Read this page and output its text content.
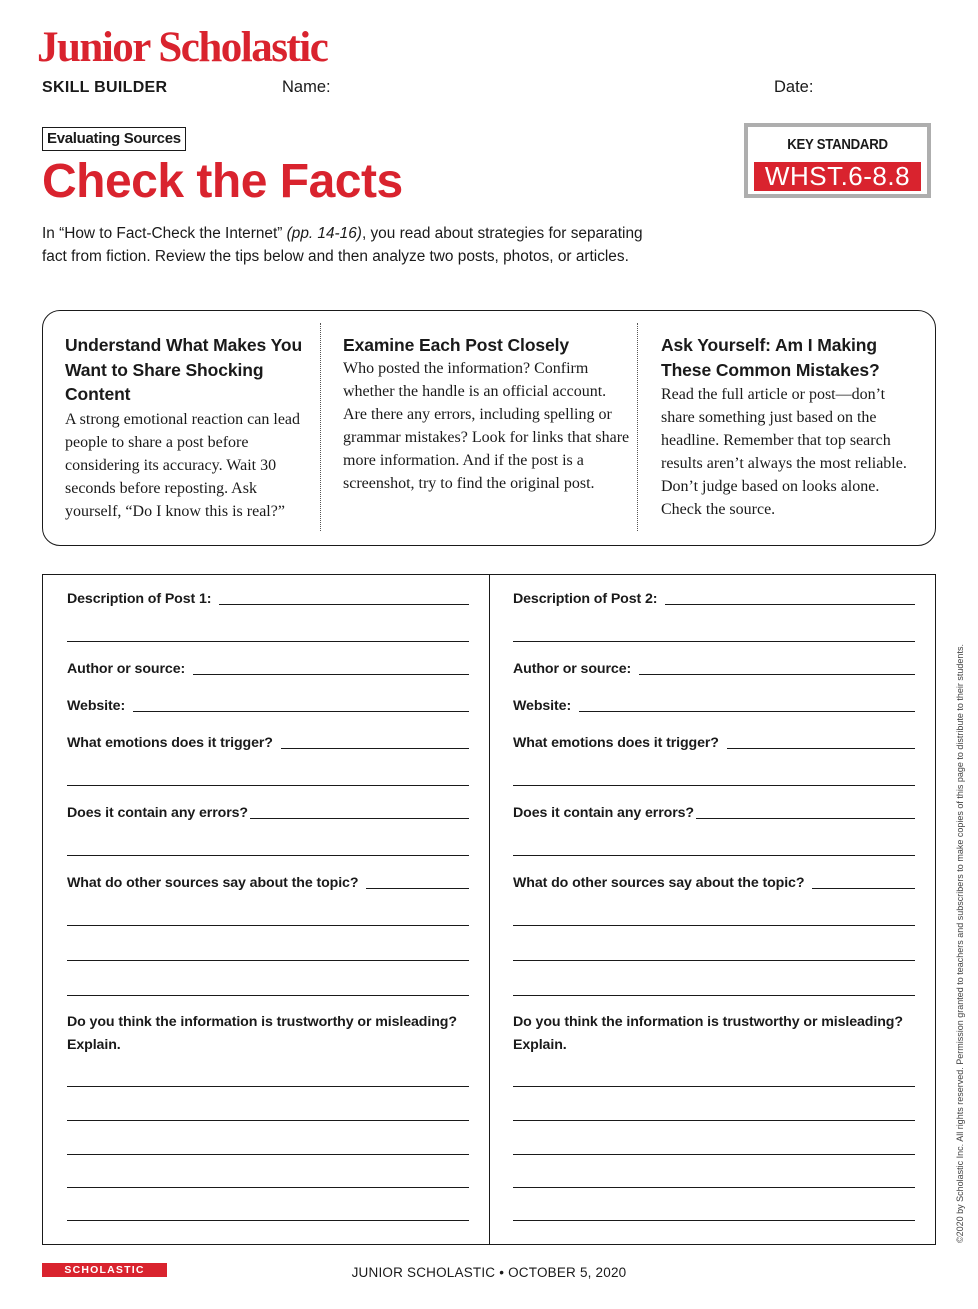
Junior Scholastic
SKILL BUILDER	Name:	Date:
Evaluating Sources
Check the Facts
KEY STANDARD
WHST.6-8.8
In “How to Fact-Check the Internet” (pp. 14-16), you read about strategies for separating fact from fiction. Review the tips below and then analyze two posts, photos, or articles.
Understand What Makes You Want to Share Shocking Content

A strong emotional reaction can lead people to share a post before considering its accuracy. Wait 30 seconds before reposting. Ask yourself, “Do I know this is real?”

Examine Each Post Closely

Who posted the information? Confirm whether the handle is an official account. Are there any errors, including spelling or grammar mistakes? Look for links that share more information. And if the post is a screenshot, try to find the original post.

Ask Yourself: Am I Making These Common Mistakes?

Read the full article or post—don’t share something just based on the headline. Remember that top search results aren’t always the most reliable. Don’t judge based on looks alone. Check the source.

Description of Post 1:
Author or source:
Website:
What emotions does it trigger?
Does it contain any errors?
What do other sources say about the topic?
Do you think the information is trustworthy or misleading?
Explain.
Description of Post 2:
Author or source:
Website:
What emotions does it trigger?
Does it contain any errors?
What do other sources say about the topic?
Do you think the information is trustworthy or misleading?
Explain.
SCHOLASTIC	JUNIOR SCHOLASTIC • OCTOBER 5, 2020
©2020 by Scholastic Inc. All rights reserved. Permission granted to teachers and subscribers to make copies of this page to distribute to their students.
